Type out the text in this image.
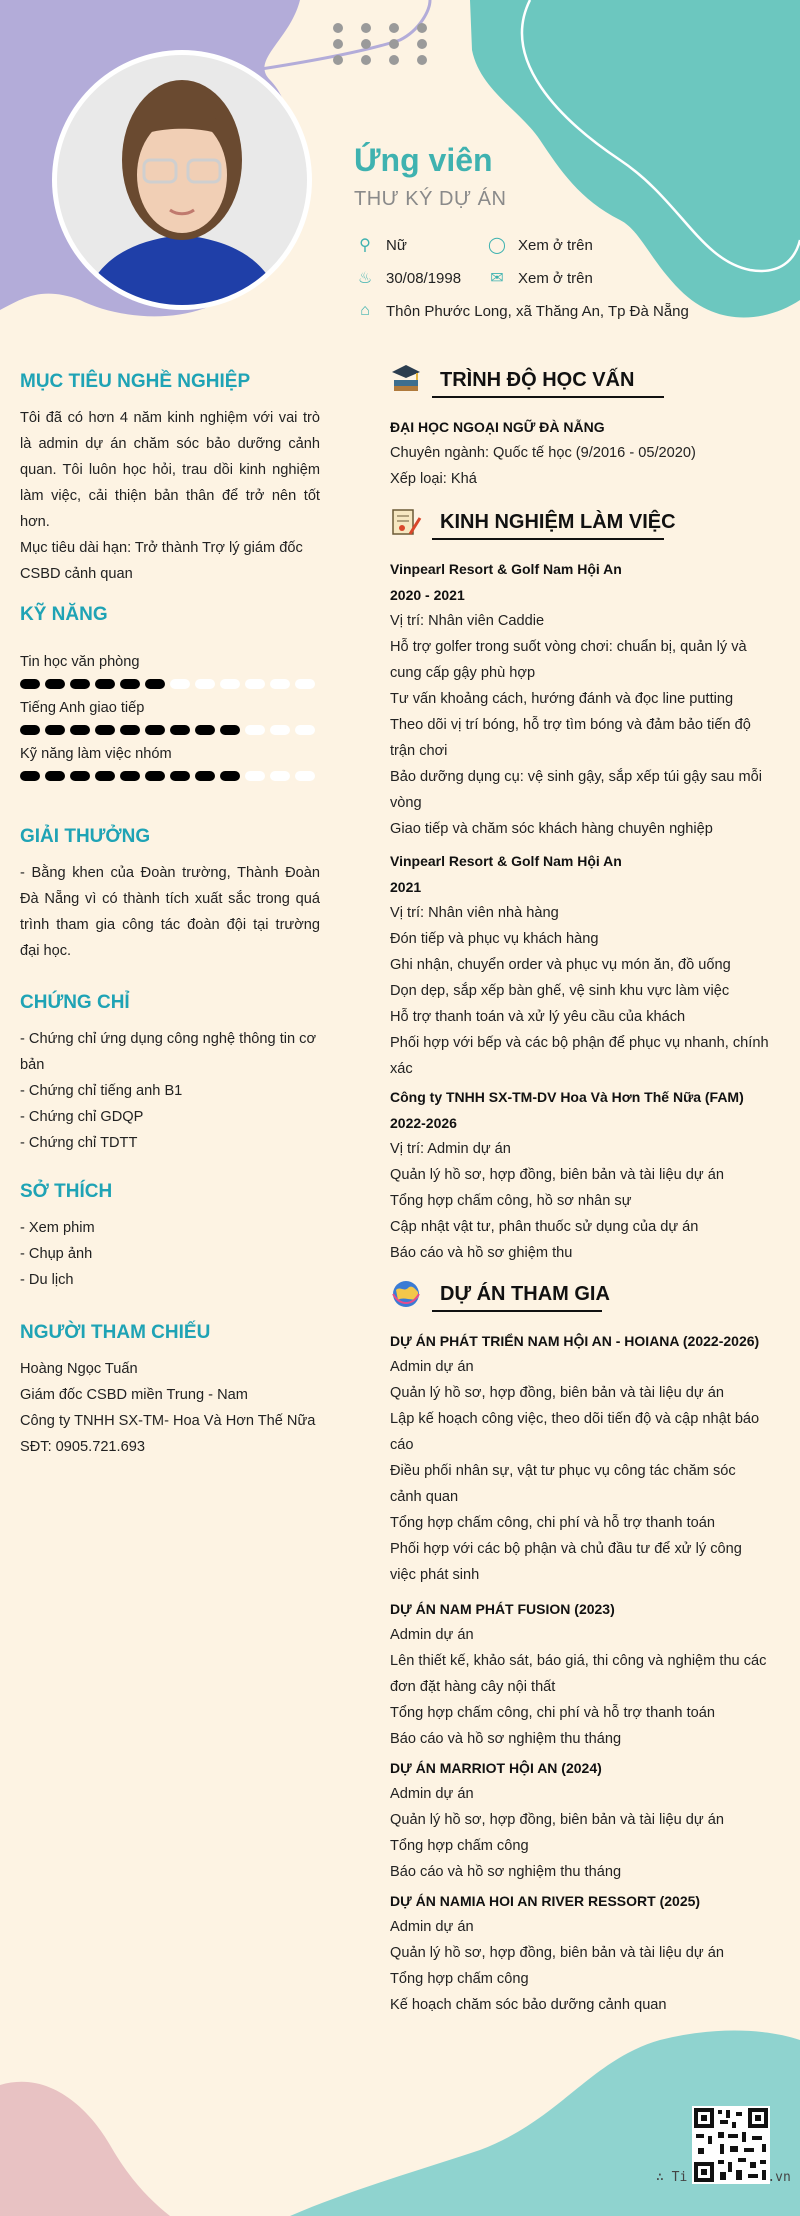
Ứng viên
THƯ KÝ DỰ ÁN
⚲	Nữ	◯ Xem ở trên
♨ 30/08/1998 ✉ Xem ở trên
⌂	Thôn Phước Long, xã Thăng An, Tp Đà Nẵng
MỤC TIÊU NGHỀ NGHIỆP
Tôi đã có hơn 4 năm kinh nghiệm với vai trò là admin dự án chăm sóc bảo dưỡng cảnh quan. Tôi luôn học hỏi, trau dồi kinh nghiệm làm việc, cải thiện bản thân để trở nên tốt hơn.
Mục tiêu dài hạn: Trở thành Trợ lý giám đốc CSBD cảnh quan
KỸ NĂNG
Tin học văn phòng
Tiếng Anh giao tiếp
Kỹ năng làm việc nhóm
GIẢI THƯỞNG
- Bằng khen của Đoàn trường, Thành Đoàn Đà Nẵng vì có thành tích xuất sắc trong quá trình tham gia công tác đoàn đội tại trường đại học.
CHỨNG CHỈ
- Chứng chỉ ứng dụng công nghệ thông tin cơ bản
- Chứng chỉ tiếng anh B1
- Chứng chỉ GDQP
- Chứng chỉ TDTT
SỞ THÍCH
- Xem phim
- Chụp ảnh
- Du lịch
NGƯỜI THAM CHIẾU
Hoàng Ngọc Tuấn
Giám đốc CSBD miền Trung - Nam
Công ty TNHH SX-TM- Hoa Và Hơn Thế Nữa
SĐT: 0905.721.693
TRÌNH ĐỘ HỌC VẤN
ĐẠI HỌC NGOẠI NGỮ ĐÀ NẴNG
Chuyên ngành: Quốc tế học (9/2016 - 05/2020)
Xếp loại: Khá
KINH NGHIỆM LÀM VIỆC
Vinpearl Resort & Golf Nam Hội An
2020 - 2021
Vị trí: Nhân viên Caddie
Hỗ trợ golfer trong suốt vòng chơi: chuẩn bị, quản lý và cung cấp gậy phù hợp
Tư vấn khoảng cách, hướng đánh và đọc line putting
Theo dõi vị trí bóng, hỗ trợ tìm bóng và đảm bảo tiến độ trận chơi
Bảo dưỡng dụng cụ: vệ sinh gậy, sắp xếp túi gậy sau mỗi vòng
Giao tiếp và chăm sóc khách hàng chuyên nghiệp
Vinpearl Resort & Golf Nam Hội An
2021
Vị trí: Nhân viên nhà hàng
Đón tiếp và phục vụ khách hàng
Ghi nhận, chuyển order và phục vụ món ăn, đồ uống
Dọn dẹp, sắp xếp bàn ghế, vệ sinh khu vực làm việc
Hỗ trợ thanh toán và xử lý yêu cầu của khách
Phối hợp với bếp và các bộ phận để phục vụ nhanh, chính xác
Công ty TNHH SX-TM-DV Hoa Và Hơn Thế Nữa (FAM)
2022-2026
Vị trí: Admin dự án
Quản lý hồ sơ, hợp đồng, biên bản và tài liệu dự án
Tổng hợp chấm công, hồ sơ nhân sự
Cập nhật vật tư, phân thuốc sử dụng của dự án
Báo cáo và hồ sơ ghiệm thu
DỰ ÁN THAM GIA
DỰ ÁN PHÁT TRIỂN NAM HỘI AN - HOIANA (2022-2026)
Admin dự án
Quản lý hồ sơ, hợp đồng, biên bản và tài liệu dự án
Lập kế hoạch công việc, theo dõi tiến độ và cập nhật báo cáo
Điều phối nhân sự, vật tư phục vụ công tác chăm sóc cảnh quan
Tổng hợp chấm công, chi phí và hỗ trợ thanh toán
Phối hợp với các bộ phận và chủ đầu tư để xử lý công việc phát sinh
DỰ ÁN NAM PHÁT FUSION (2023)
Admin dự án
Lên thiết kế, khảo sát, báo giá, thi công và nghiệm thu các đơn đặt hàng cây nội thất
Tổng hợp chấm công, chi phí và hỗ trợ thanh toán
Báo cáo và hồ sơ nghiệm thu tháng
DỰ ÁN MARRIOT HỘI AN (2024)
Admin dự án
Quản lý hồ sơ, hợp đồng, biên bản và tài liệu dự án
Tổng hợp chấm công
Báo cáo và hồ sơ nghiệm thu tháng
DỰ ÁN NAMIA HOI AN RIVER RESSORT (2025)
Admin dự án
Quản lý hồ sơ, hợp đồng, biên bản và tài liệu dự án
Tổng hợp chấm công
Kế hoạch chăm sóc bảo dưỡng cảnh quan
∴ Ti	.vn
